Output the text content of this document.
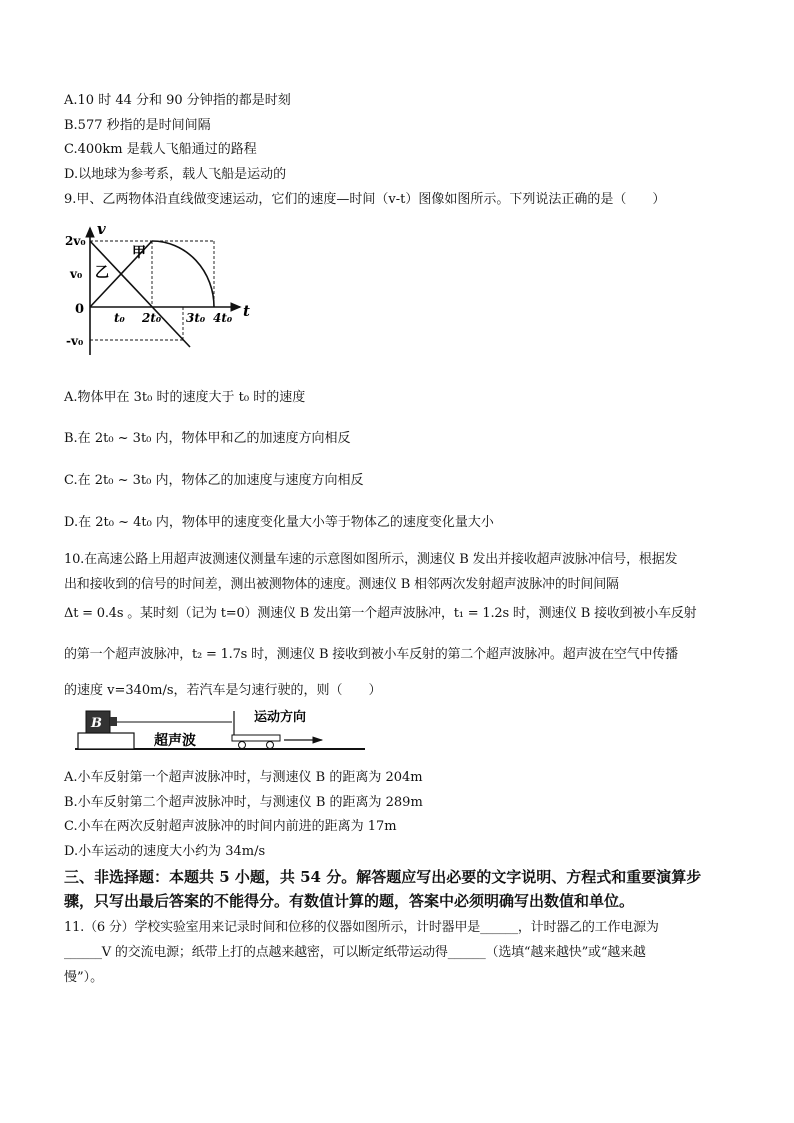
A.10 时 44 分和 90 分钟指的都是时刻
B.577 秒指的是时间间隔
C.400km 是载人飞船通过的路程
D.以地球为参考系，载人飞船是运动的
9.甲、乙两物体沿直线做变速运动，它们的速度—时间（v-t）图像如图所示。下列说法正确的是（　　）
v
t
2v₀
v₀
0
-v₀
t₀ 2t₀ 3t₀ 4t₀
甲
乙
A.物体甲在 3t₀ 时的速度大于 t₀ 时的速度
B.在 2t₀ ~ 3t₀ 内，物体甲和乙的加速度方向相反
C.在 2t₀ ~ 3t₀ 内，物体乙的加速度与速度方向相反
D.在 2t₀ ~ 4t₀ 内，物体甲的速度变化量大小等于物体乙的速度变化量大小
10.在高速公路上用超声波测速仪测量车速的示意图如图所示，测速仪 B 发出并接收超声波脉冲信号，根据发
出和接收到的信号的时间差，测出被测物体的速度。测速仪 B 相邻两次发射超声波脉冲的时间间隔
Δt = 0.4s 。某时刻（记为 t=0）测速仪 B 发出第一个超声波脉冲，t₁ = 1.2s 时，测速仪 B 接收到被小车反射
的第一个超声波脉冲，t₂ = 1.7s 时，测速仪 B 接收到被小车反射的第二个超声波脉冲。超声波在空气中传播
的速度 v=340m/s，若汽车是匀速行驶的，则（　　）
B
超声波
运动方向
A.小车反射第一个超声波脉冲时，与测速仪 B 的距离为 204m
B.小车反射第二个超声波脉冲时，与测速仪 B 的距离为 289m
C.小车在两次反射超声波脉冲的时间内前进的距离为 17m
D.小车运动的速度大小约为 34m/s
三、非选择题：本题共 5 小题，共 54 分。解答题应写出必要的文字说明、方程式和重要演算步
骤，只写出最后答案的不能得分。有数值计算的题，答案中必须明确写出数值和单位。
11.（6 分）学校实验室用来记录时间和位移的仪器如图所示，计时器甲是______，计时器乙的工作电源为
______V 的交流电源；纸带上打的点越来越密，可以断定纸带运动得______（选填“越来越快”或“越来越
慢”）。
